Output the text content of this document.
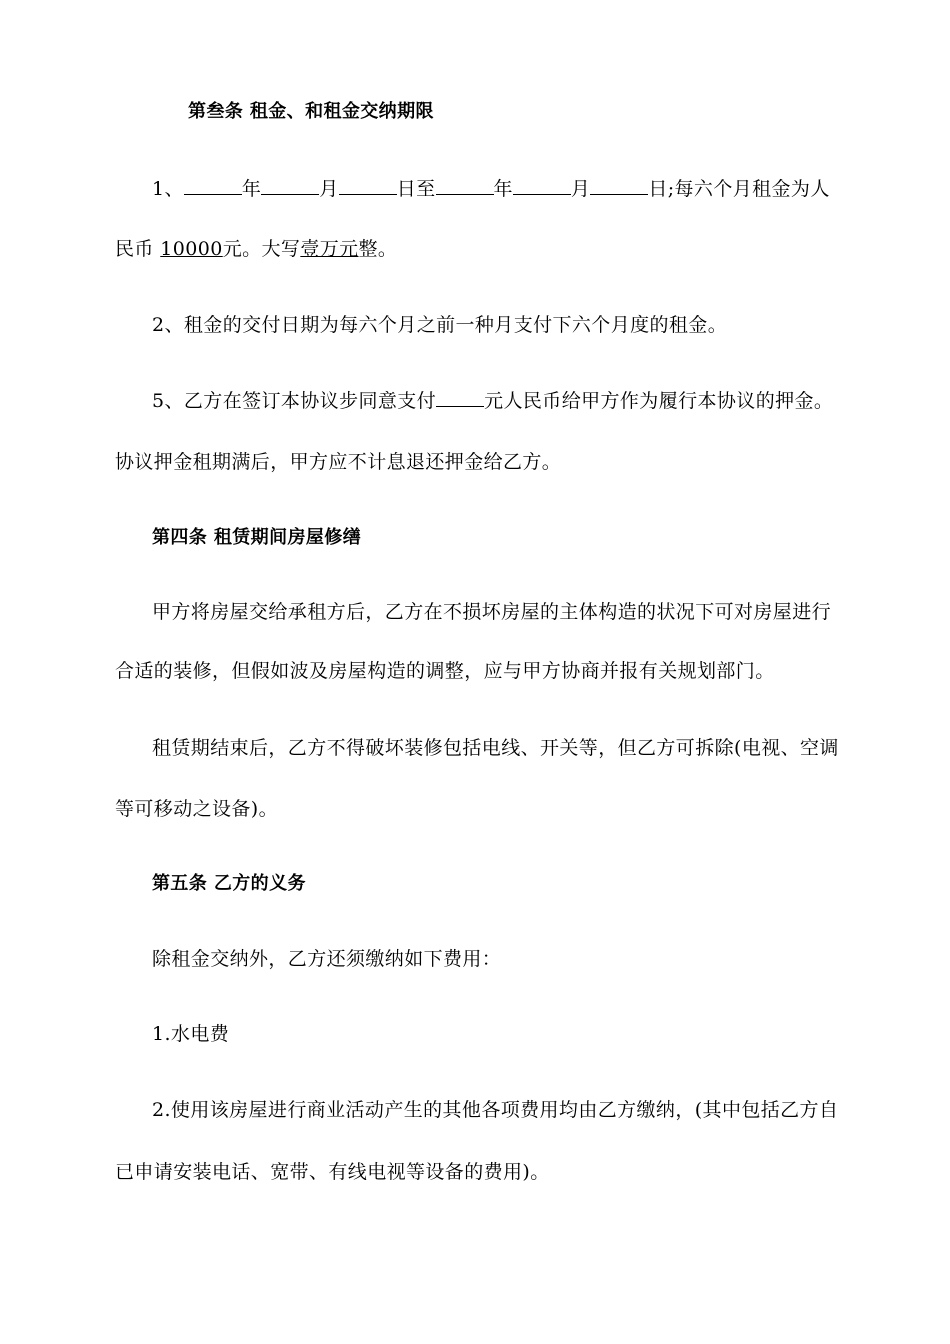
第叁条 租金、和租金交纳期限
1、	年	月	日至	年	月	日;每六个月租金为人
民币 10000元。大写壹万元整。
2、租金的交付日期为每六个月之前一种月支付下六个月度的租金。
5、乙方在签订本协议步同意支付	元人民币给甲方作为履行本协议的押金。
协议押金租期满后，甲方应不计息退还押金给乙方。
第四条 租赁期间房屋修缮
甲方将房屋交给承租方后，乙方在不损坏房屋的主体构造的状况下可对房屋进行
合适的装修，但假如波及房屋构造的调整，应与甲方协商并报有关规划部门。
租赁期结束后，乙方不得破坏装修包括电线、开关等，但乙方可拆除(电视、空调
等可移动之设备)。
第五条 乙方的义务
除租金交纳外，乙方还须缴纳如下费用：
1.水电费
2.使用该房屋进行商业活动产生的其他各项费用均由乙方缴纳，(其中包括乙方自
已申请安装电话、宽带、有线电视等设备的费用)。
